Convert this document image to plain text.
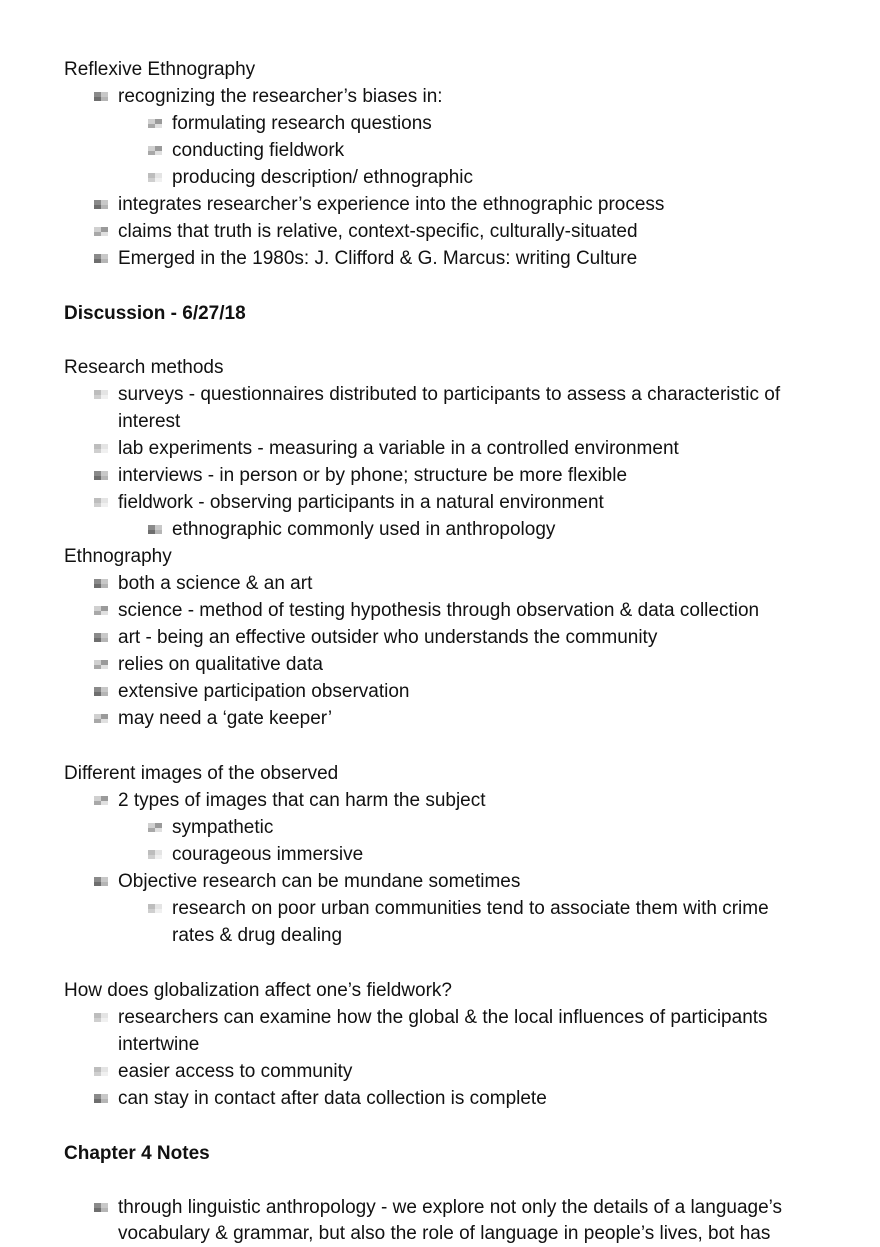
Reflexive Ethnography
recognizing the researcher’s biases in:
formulating research questions
conducting fieldwork
producing description/ ethnographic
integrates researcher’s experience into the ethnographic process
claims that truth is relative, context-specific, culturally-situated
Emerged in the 1980s: J. Clifford & G. Marcus: writing Culture
Discussion - 6/27/18
Research methods
surveys - questionnaires distributed to participants to assess a characteristic of
interest
lab experiments - measuring a variable in a controlled environment
interviews - in person or by phone; structure be more flexible
fieldwork - observing participants in a natural environment
ethnographic commonly used in anthropology
Ethnography
both a science & an art
science - method of testing hypothesis through observation & data collection
art - being an effective outsider who understands the community
relies on qualitative data
extensive participation observation
may need a ‘gate keeper’
Different images of the observed
2 types of images that can harm the subject
sympathetic
courageous immersive
Objective research can be mundane sometimes
research on poor urban communities tend to associate them with crime
rates & drug dealing
How does globalization affect one’s fieldwork?
researchers can examine how the global & the local influences of participants
intertwine
easier access to community
can stay in contact after data collection is complete
Chapter 4 Notes
through linguistic anthropology - we explore not only the details of a language’s
vocabulary & grammar, but also the role of language in people’s lives, bot has
